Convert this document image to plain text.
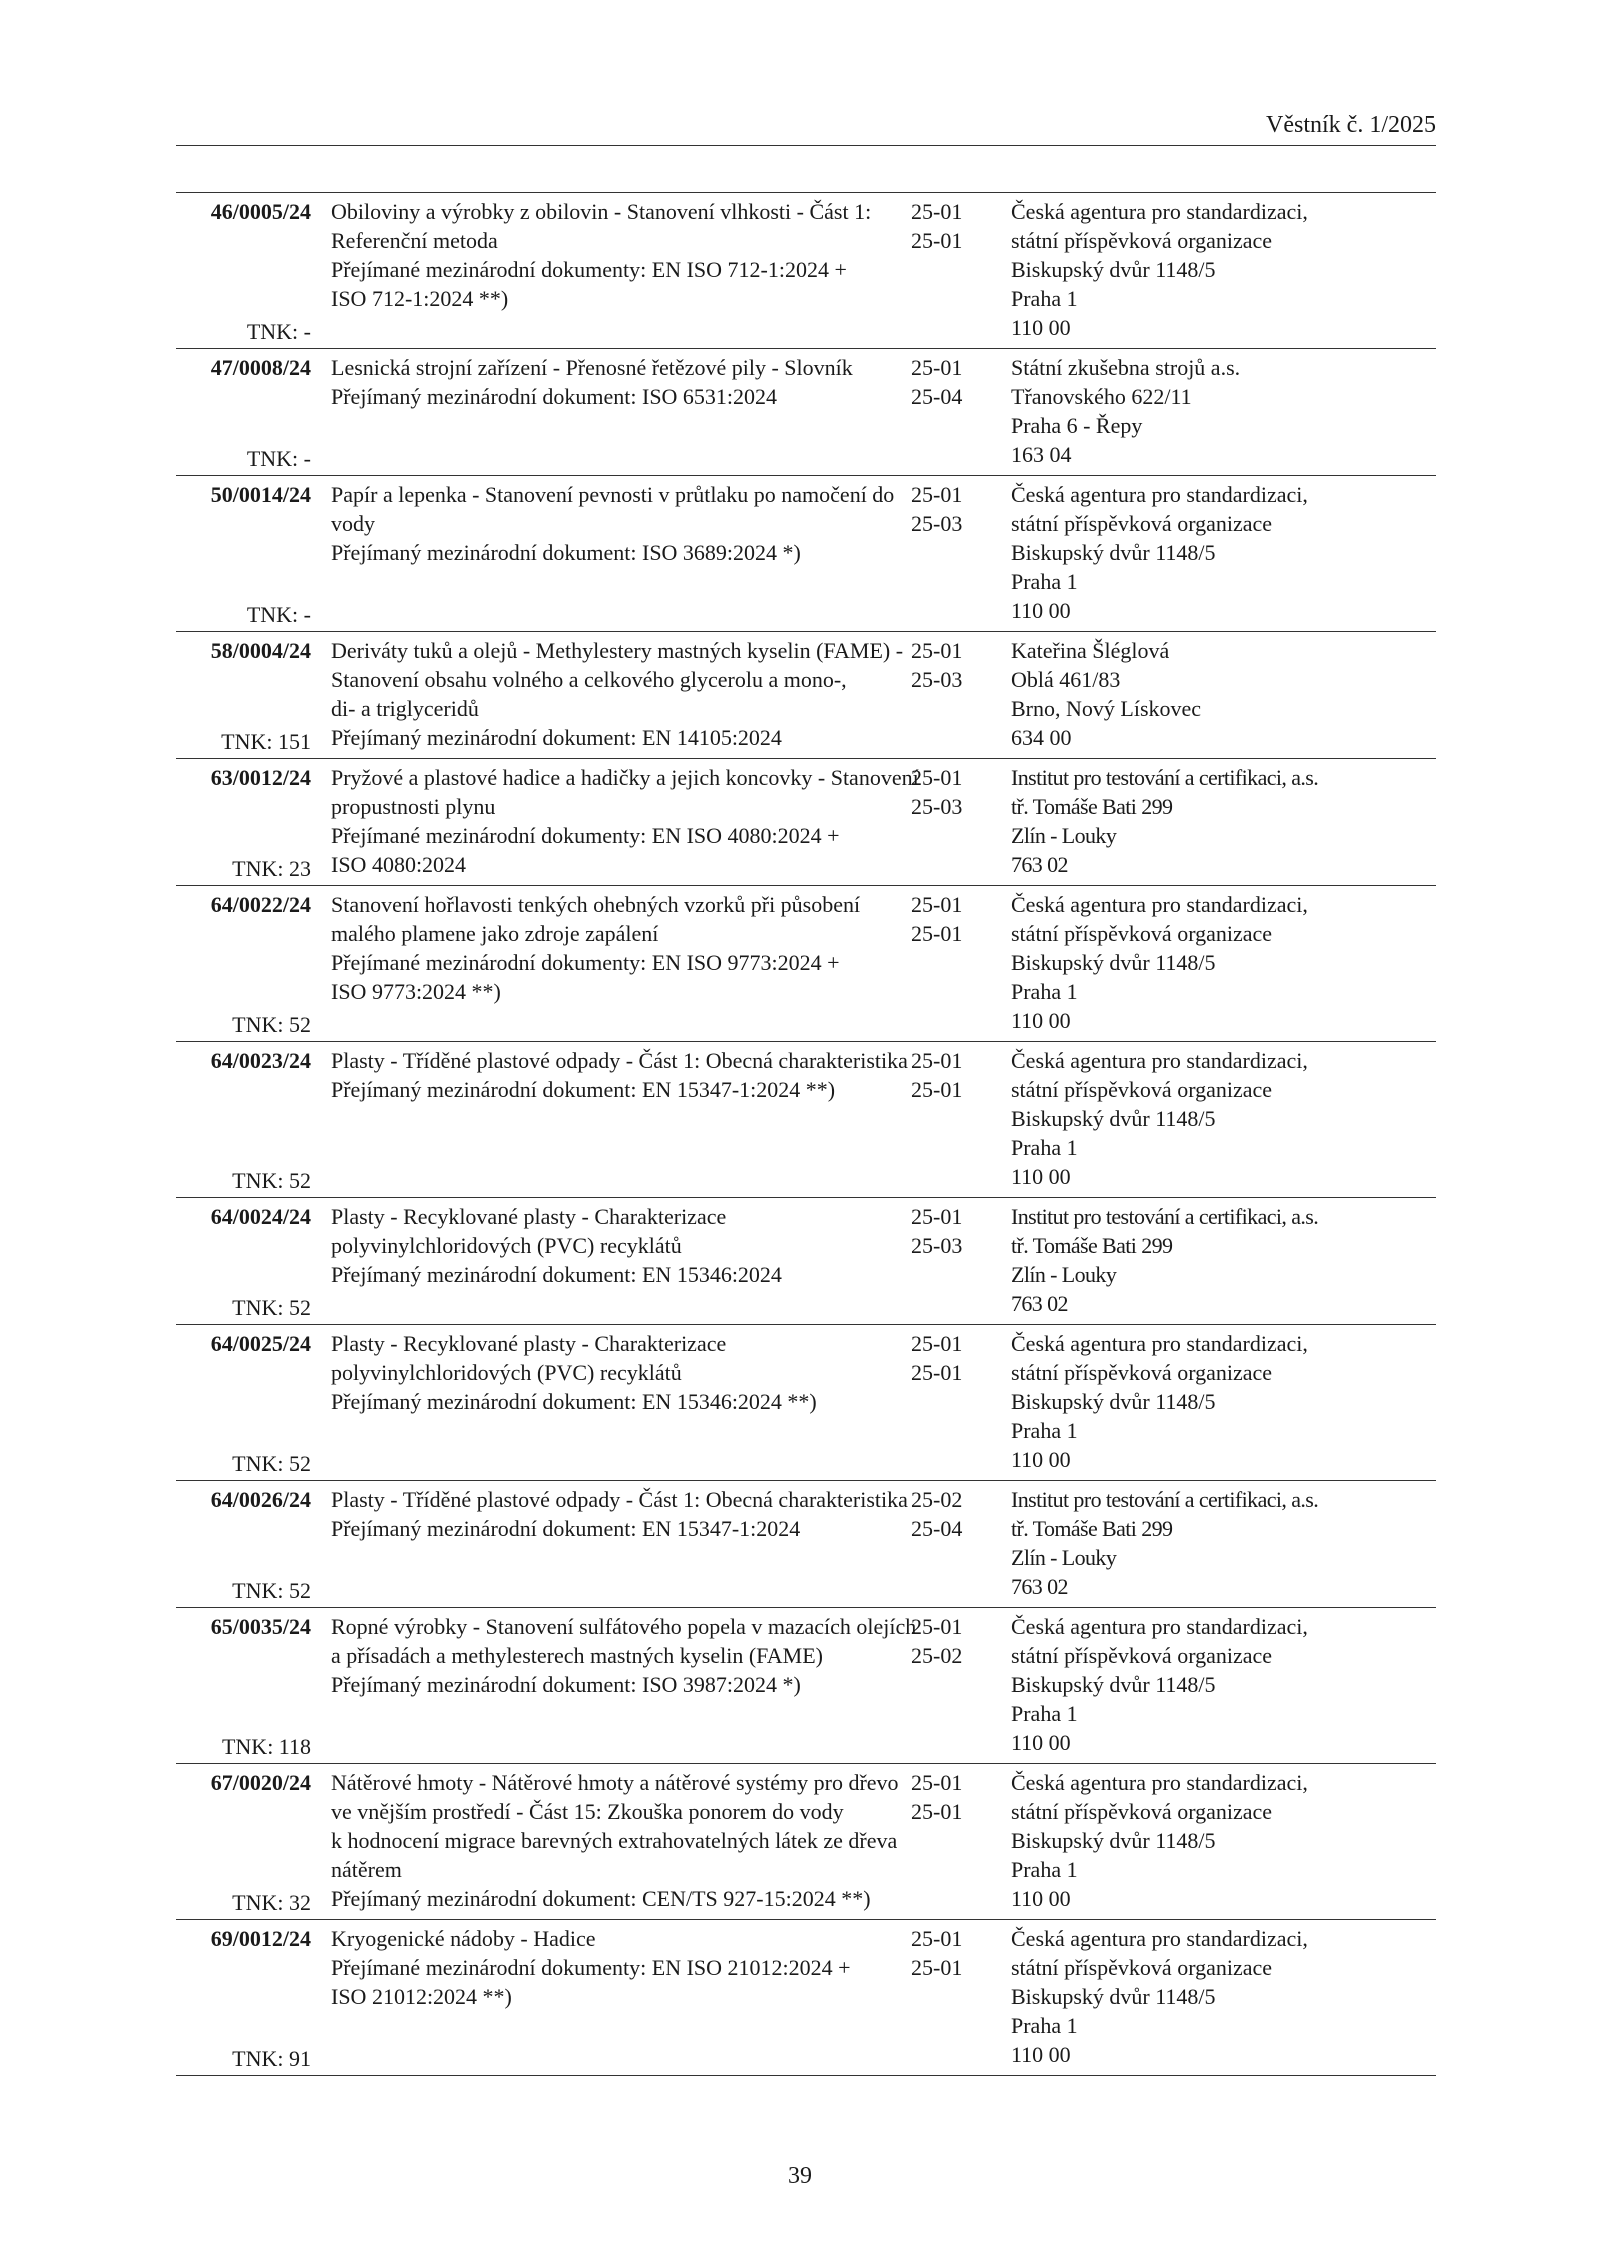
Věstník č. 1/2025
46/0005/24
TNK: -
Obiloviny a výrobky z obilovin - Stanovení vlhkosti - Část 1:
Referenční metoda
Přejímané mezinárodní dokumenty: EN ISO 712-1:2024 +
ISO 712-1:2024 **)
25-01
25-01
Česká agentura pro standardizaci,
státní příspěvková organizace
Biskupský dvůr 1148/5
Praha 1
110 00
47/0008/24
TNK: -
Lesnická strojní zařízení - Přenosné řetězové pily - Slovník
Přejímaný mezinárodní dokument: ISO 6531:2024
25-01
25-04
Státní zkušebna strojů a.s.
Třanovského 622/11
Praha 6 - Řepy
163 04
50/0014/24
TNK: -
Papír a lepenka - Stanovení pevnosti v průtlaku po namočení do
vody
Přejímaný mezinárodní dokument: ISO 3689:2024 *)
25-01
25-03
Česká agentura pro standardizaci,
státní příspěvková organizace
Biskupský dvůr 1148/5
Praha 1
110 00
58/0004/24
TNK: 151
Deriváty tuků a olejů - Methylestery mastných kyselin (FAME) -
Stanovení obsahu volného a celkového glycerolu a mono-,
di- a triglyceridů
Přejímaný mezinárodní dokument: EN 14105:2024
25-01
25-03
Kateřina Šléglová
Oblá 461/83
Brno, Nový Lískovec
634 00
63/0012/24
TNK: 23
Pryžové a plastové hadice a hadičky a jejich koncovky - Stanovení
propustnosti plynu
Přejímané mezinárodní dokumenty: EN ISO 4080:2024 +
ISO 4080:2024
25-01
25-03
Institut pro testování a certifikaci, a.s.
tř. Tomáše Bati 299
Zlín - Louky
763 02
64/0022/24
TNK: 52
Stanovení hořlavosti tenkých ohebných vzorků při působení
malého plamene jako zdroje zapálení
Přejímané mezinárodní dokumenty: EN ISO 9773:2024 +
ISO 9773:2024 **)
25-01
25-01
Česká agentura pro standardizaci,
státní příspěvková organizace
Biskupský dvůr 1148/5
Praha 1
110 00
64/0023/24
TNK: 52
Plasty - Tříděné plastové odpady - Část 1: Obecná charakteristika
Přejímaný mezinárodní dokument: EN 15347-1:2024 **)
25-01
25-01
Česká agentura pro standardizaci,
státní příspěvková organizace
Biskupský dvůr 1148/5
Praha 1
110 00
64/0024/24
TNK: 52
Plasty - Recyklované plasty - Charakterizace
polyvinylchloridových (PVC) recyklátů
Přejímaný mezinárodní dokument: EN 15346:2024
25-01
25-03
Institut pro testování a certifikaci, a.s.
tř. Tomáše Bati 299
Zlín - Louky
763 02
64/0025/24
TNK: 52
Plasty - Recyklované plasty - Charakterizace
polyvinylchloridových (PVC) recyklátů
Přejímaný mezinárodní dokument: EN 15346:2024 **)
25-01
25-01
Česká agentura pro standardizaci,
státní příspěvková organizace
Biskupský dvůr 1148/5
Praha 1
110 00
64/0026/24
TNK: 52
Plasty - Tříděné plastové odpady - Část 1: Obecná charakteristika
Přejímaný mezinárodní dokument: EN 15347-1:2024
25-02
25-04
Institut pro testování a certifikaci, a.s.
tř. Tomáše Bati 299
Zlín - Louky
763 02
65/0035/24
TNK: 118
Ropné výrobky - Stanovení sulfátového popela v mazacích olejích
a přísadách a methylesterech mastných kyselin (FAME)
Přejímaný mezinárodní dokument: ISO 3987:2024 *)
25-01
25-02
Česká agentura pro standardizaci,
státní příspěvková organizace
Biskupský dvůr 1148/5
Praha 1
110 00
67/0020/24
TNK: 32
Nátěrové hmoty - Nátěrové hmoty a nátěrové systémy pro dřevo
ve vnějším prostředí - Část 15: Zkouška ponorem do vody
k hodnocení migrace barevných extrahovatelných látek ze dřeva
nátěrem
Přejímaný mezinárodní dokument: CEN/TS 927-15:2024 **)
25-01
25-01
Česká agentura pro standardizaci,
státní příspěvková organizace
Biskupský dvůr 1148/5
Praha 1
110 00
69/0012/24
TNK: 91
Kryogenické nádoby - Hadice
Přejímané mezinárodní dokumenty: EN ISO 21012:2024 +
ISO 21012:2024 **)
25-01
25-01
Česká agentura pro standardizaci,
státní příspěvková organizace
Biskupský dvůr 1148/5
Praha 1
110 00
39
